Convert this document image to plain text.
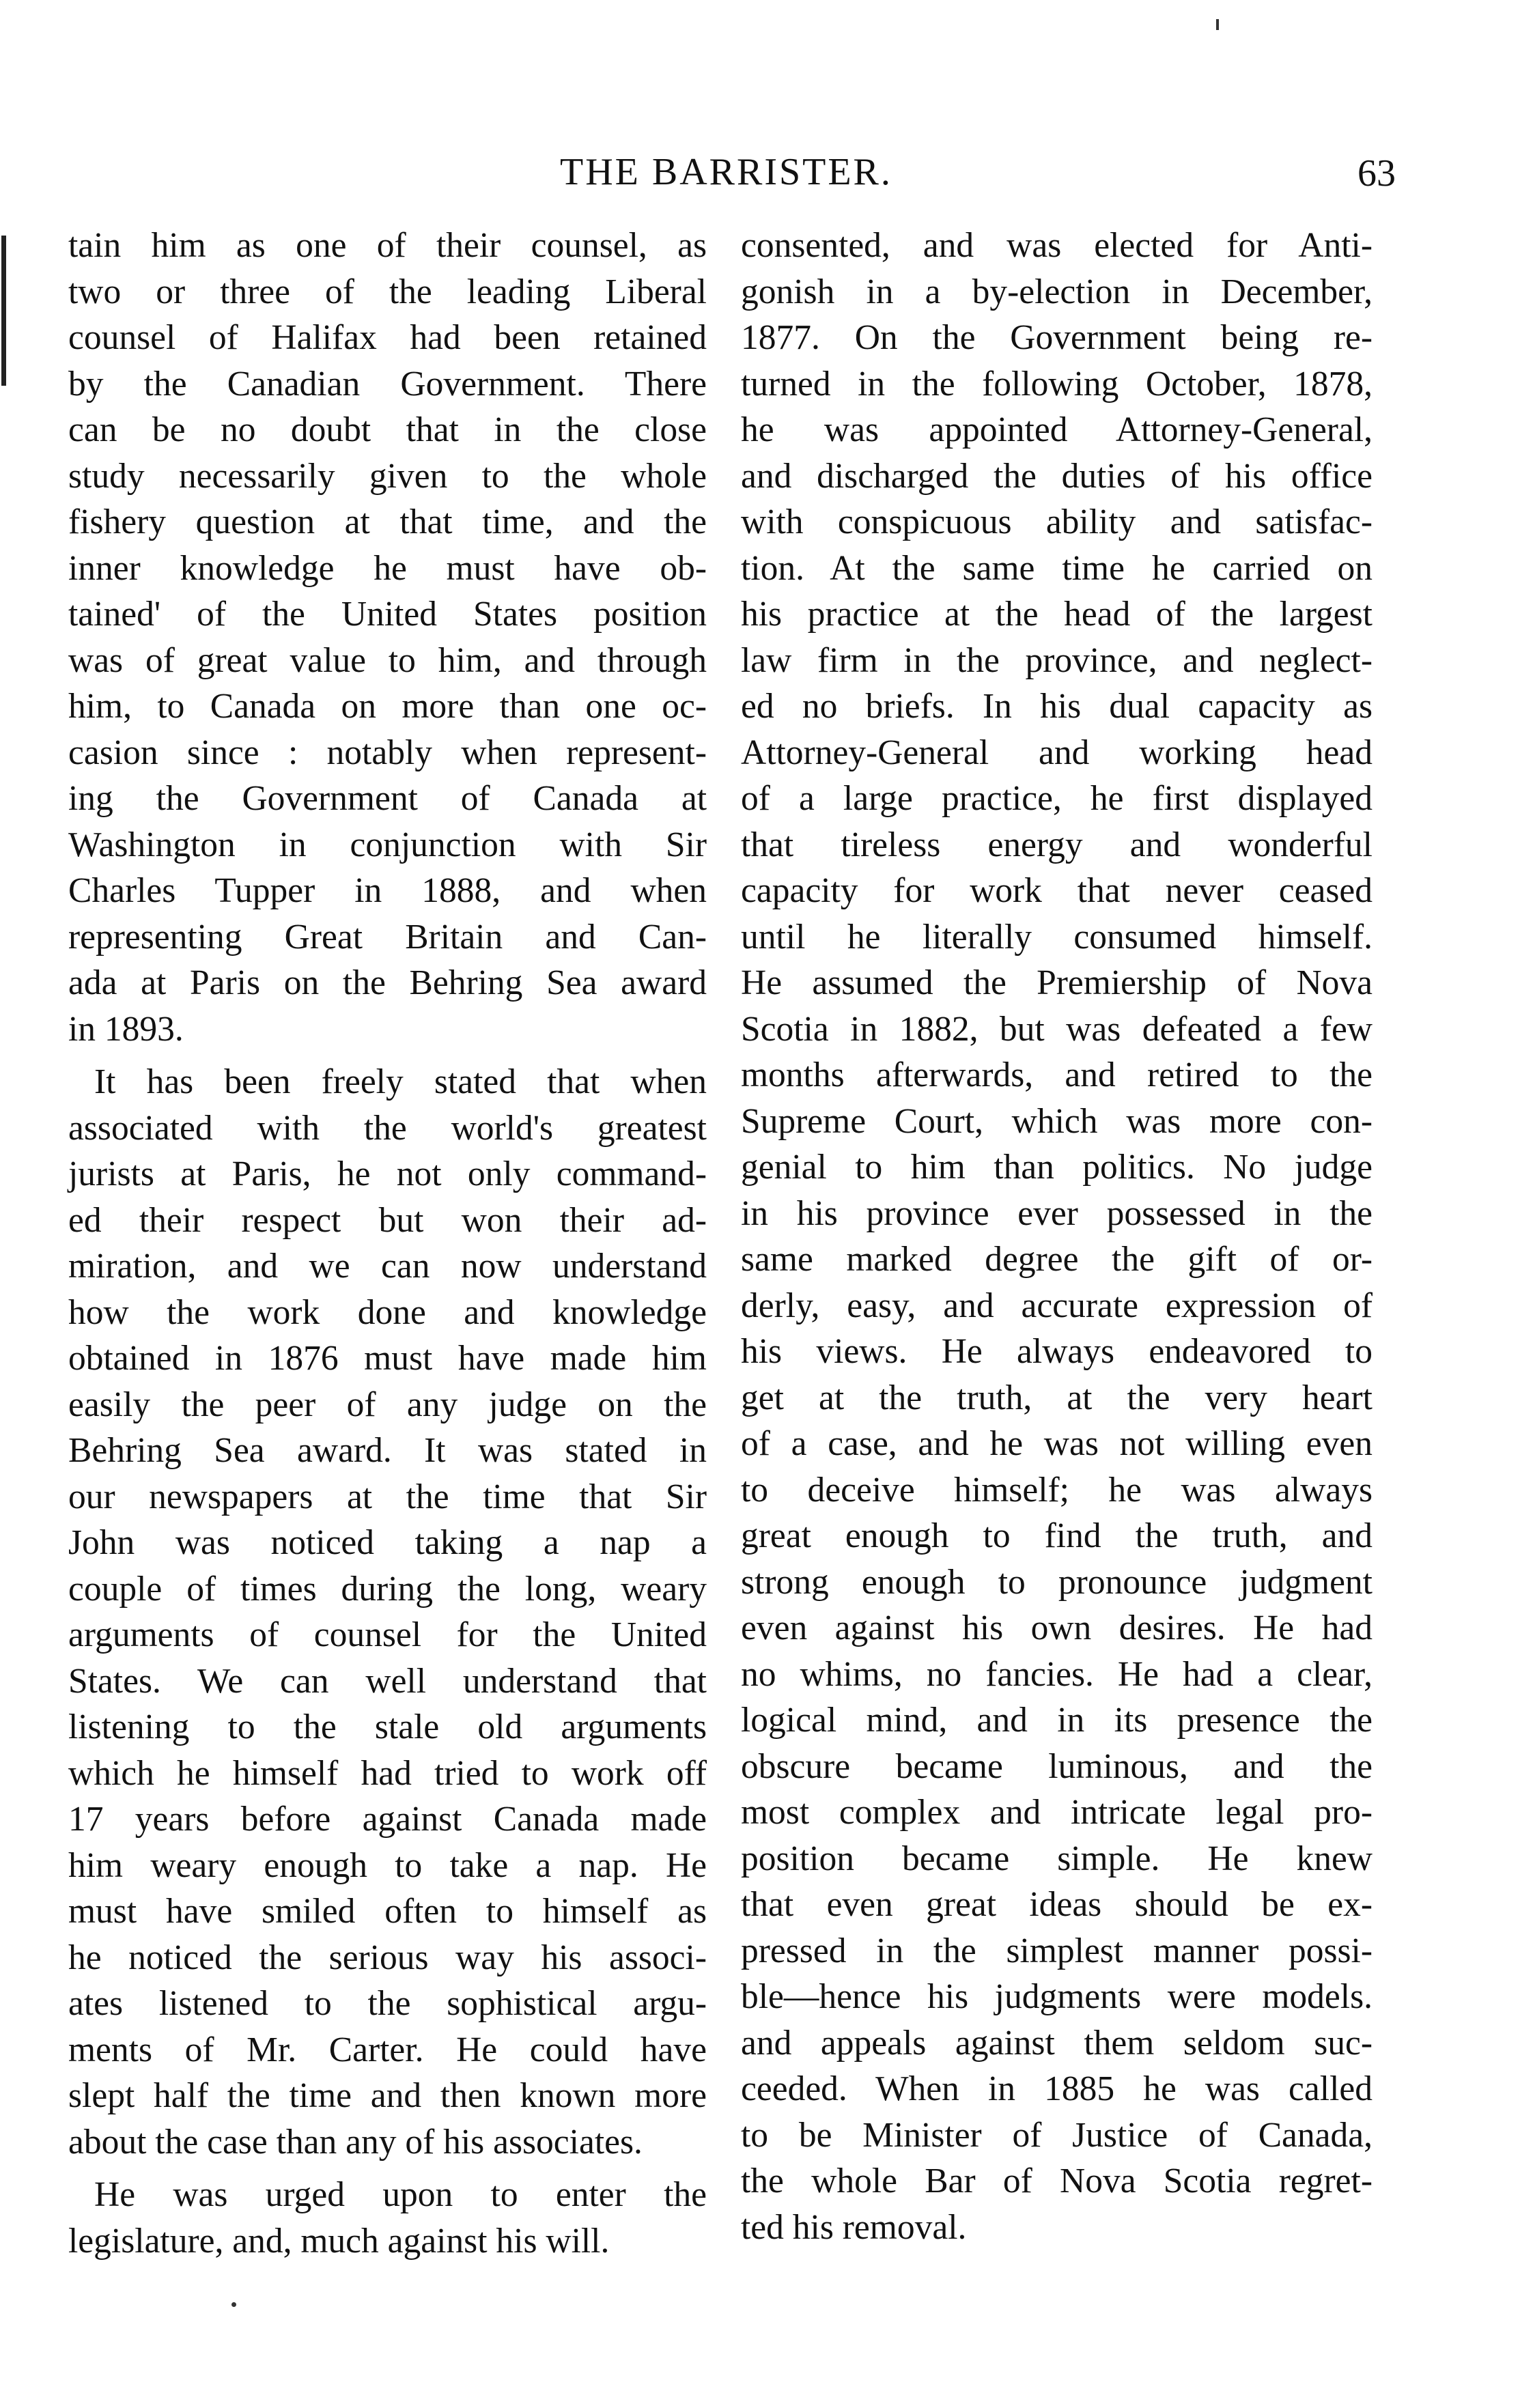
THE BARRISTER.	63
tain him as one of their counsel, as
two or three of the leading Liberal
counsel of Halifax had been retained
by the Canadian Government. There
can be no doubt that in the close
study necessarily given to the whole
fishery question at that time, and the
inner knowledge he must have ob-
tained' of the United States position
was of great value to him, and through
him, to Canada on more than one oc-
casion since : notably when represent-
ing the Government of Canada at
Washington in conjunction with Sir
Charles Tupper in 1888, and when
representing Great Britain and Can-
ada at Paris on the Behring Sea award
in 1893.
It has been freely stated that when
associated with the world's greatest
jurists at Paris, he not only command-
ed their respect but won their ad-
miration, and we can now understand
how the work done and knowledge
obtained in 1876 must have made him
easily the peer of any judge on the
Behring Sea award. It was stated in
our newspapers at the time that Sir
John was noticed taking a nap a
couple of times during the long, weary
arguments of counsel for the United
States. We can well understand that
listening to the stale old arguments
which he himself had tried to work off
17 years before against Canada made
him weary enough to take a nap. He
must have smiled often to himself as
he noticed the serious way his associ-
ates listened to the sophistical argu-
ments of Mr. Carter. He could have
slept half the time and then known more
about the case than any of his associates.
He was urged upon to enter the
legislature, and, much against his will.
consented, and was elected for Anti-
gonish in a by-election in December,
1877. On the Government being re-
turned in the following October, 1878,
he was appointed Attorney-General,
and discharged the duties of his office
with conspicuous ability and satisfac-
tion. At the same time he carried on
his practice at the head of the largest
law firm in the province, and neglect-
ed no briefs. In his dual capacity as
Attorney-General and working head
of a large practice, he first displayed
that tireless energy and wonderful
capacity for work that never ceased
until he literally consumed himself.
He assumed the Premiership of Nova
Scotia in 1882, but was defeated a few
months afterwards, and retired to the
Supreme Court, which was more con-
genial to him than politics. No judge
in his province ever possessed in the
same marked degree the gift of or-
derly, easy, and accurate expression of
his views. He always endeavored to
get at the truth, at the very heart
of a case, and he was not willing even
to deceive himself; he was always
great enough to find the truth, and
strong enough to pronounce judgment
even against his own desires. He had
no whims, no fancies. He had a clear,
logical mind, and in its presence the
obscure became luminous, and the
most complex and intricate legal pro-
position became simple. He knew
that even great ideas should be ex-
pressed in the simplest manner possi-
ble—hence his judgments were models.
and appeals against them seldom suc-
ceeded. When in 1885 he was called
to be Minister of Justice of Canada,
the whole Bar of Nova Scotia regret-
ted his removal.
